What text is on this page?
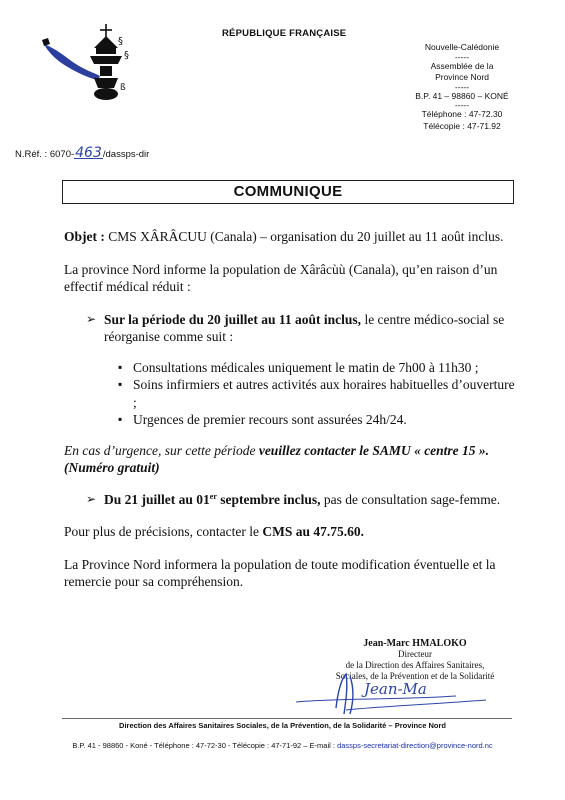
§
§
ß
RÉPUBLIQUE FRANÇAISE
Nouvelle-Calédonie
-----
Assemblée de la
Province Nord
-----
B.P. 41 – 98860 – KONÉ
-----
Téléphone : 47-72.30
Télécopie : 47-71.92
N.Réf. : 6070-463/dassps-dir
COMMUNIQUE

Objet : CMS XÂRÂCUU (Canala) – organisation du 20 juillet au 11 août inclus.

La province Nord informe la population de Xârâcùù (Canala), qu’en raison d’un effectif médical réduit :

➢ Sur la période du 20 juillet au 11 août inclus, le centre médico-social se réorganise comme suit :
▪ Consultations médicales uniquement le matin de 7h00 à 11h30 ;
▪ Soins infirmiers et autres activités aux horaires habituelles d’ouverture ;
▪ Urgences de premier recours sont assurées 24h/24.

En cas d’urgence, sur cette période veuillez contacter le SAMU « centre 15 ». (Numéro gratuit)

➢ Du 21 juillet au 01er septembre inclus, pas de consultation sage-femme.

Pour plus de précisions, contacter le CMS au 47.75.60.

La Province Nord informera la population de toute modification éventuelle et la remercie pour sa compréhension.

Jean-Marc HMALOKO
Directeur
de la Direction des Affaires Sanitaires,
Sociales, de la Prévention et de la Solidarité
Jean-Ma
Direction des Affaires Sanitaires Sociales, de la Prévention, de la Solidarité – Province Nord
B.P. 41 - 98860 - Koné - Téléphone : 47-72-30 - Télécopie : 47-71-92 – E-mail : dassps-secretariat-direction@province-nord.nc
